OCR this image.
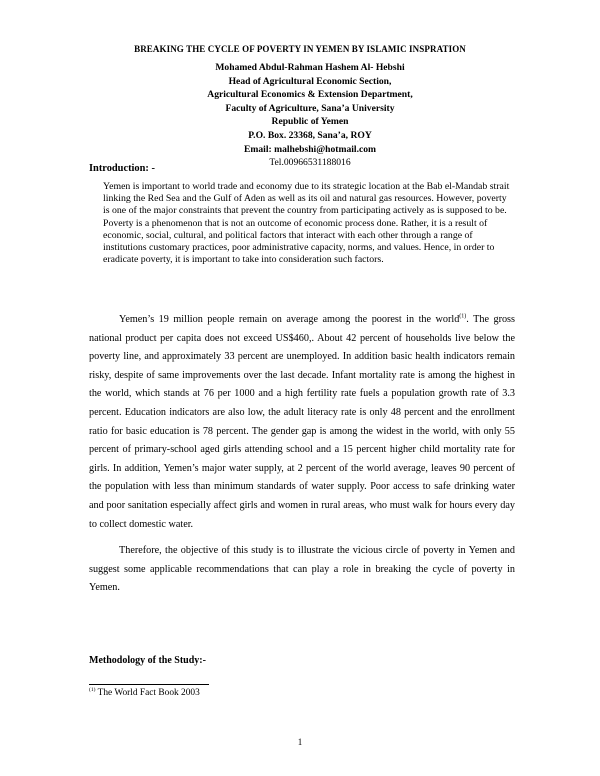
BREAKING THE CYCLE OF POVERTY IN YEMEN BY ISLAMIC INSPRATION
Mohamed Abdul-Rahman Hashem Al- Hebshi
Head of Agricultural Economic Section,
Agricultural Economics & Extension Department,
Faculty of Agriculture, Sana’a University
Republic of Yemen
P.O. Box. 23368, Sana’a, ROY
Email: malhebshi@hotmail.com
Tel.00966531188016
Introduction: -

Yemen is important to world trade and economy due to its strategic location at the Bab el-Mandab strait linking the Red Sea and the Gulf of Aden as well as its oil and natural gas resources. However, poverty is one of the major constraints that prevent the country from participating actively as is supposed to be. Poverty is a phenomenon that is not an outcome of economic process done. Rather, it is a result of economic, social, cultural, and political factors that interact with each other through a range of institutions customary practices, poor administrative capacity, norms, and values. Hence, in order to eradicate poverty, it is important to take into consideration such factors.

Yemen’s 19 million people remain on average among the poorest in the world$^{(1)}$. The gross national product per capita does not exceed US$460,. About 42 percent of households live below the poverty line, and approximately 33 percent are unemployed. In addition basic health indicators remain risky, despite of same improvements over the last decade. Infant mortality rate is among the highest in the world, which stands at 76 per 1000 and a high fertility rate fuels a population growth rate of 3.3 percent. Education indicators are also low, the adult literacy rate is only 48 percent and the enrollment ratio for basic education is 78 percent. The gender gap is among the widest in the world, with only 55 percent of primary-school aged girls attending school and a 15 percent higher child mortality rate for girls. In addition, Yemen’s major water supply, at 2 percent of the world average, leaves 90 percent of the population with less than minimum standards of water supply. Poor access to safe drinking water and poor sanitation especially affect girls and women in rural areas, who must walk for hours every day to collect domestic water.

Therefore, the objective of this study is to illustrate the vicious circle of poverty in Yemen and suggest some applicable recommendations that can play a role in breaking the cycle of poverty in Yemen.

Methodology of the Study:-
$^{(1)}$ The World Fact Book 2003
1
